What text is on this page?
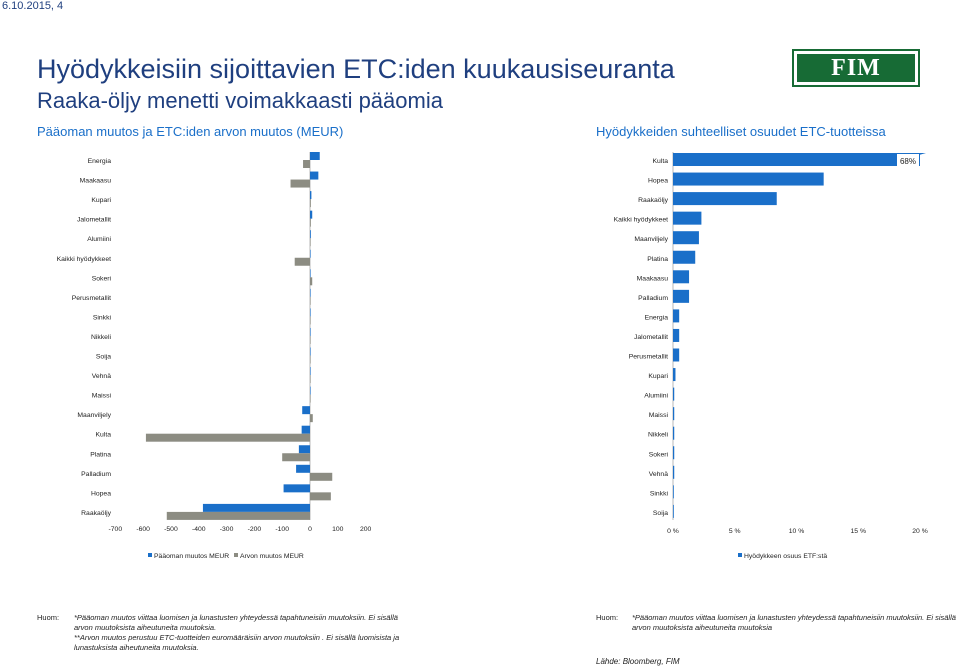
6.10.2015, 4
Hyödykkeisiin sijoittavien ETC:iden kuukausiseuranta
Raaka-öljy menetti voimakkaasti pääomia
FIM
Pääoman muutos ja ETC:iden arvon muutos (MEUR)	Hyödykkeiden suhteelliset osuudet ETC-tuotteissa
Energia
Maakaasu
Kupari
Jalometallit
Alumiini
Kaikki hyödykkeet
Sokeri
Perusmetallit
Sinkki
Nikkeli
Soija
Vehnä
Maissi
Maanviljely
Kulta
Platina
Palladium
Hopea
Raakaöljy
-700 -600 -500 -400 -300 -200 -100	0	100 200
Pääoman muutos MEUR Arvon muutos MEUR
Kulta
Hopea
Raakaöljy
Kaikki hyödykkeet
Maanviljely
Platina
Maakaasu
Palladium
Energia
Jalometallit
Perusmetallit
Kupari
Alumiini
Maissi
Nikkeli
Sokeri
Vehnä
Sinkki
Soija
68%
0 %	5 %	10 %	15 %	20 %
Hyödykkeen osuus ETF:stä
Huom: *Pääoman muutos viittaa luomisen ja lunastusten yhteydessä tapahtuneisiin muutoksiin. Ei sisällä
arvon muutoksista aiheutuneita muutoksia.
**Arvon muutos perustuu ETC-tuotteiden euromääräisiin arvon muutoksiin . Ei sisällä luomisista ja
lunastuksista aiheutuneita muutoksia.
Huom: *Pääoman muutos viittaa luomisen ja lunastusten yhteydessä tapahtuneisiin muutoksiin. Ei sisällä
arvon muutoksista aiheutuneita muutoksia
Lähde: Bloomberg, FIM
